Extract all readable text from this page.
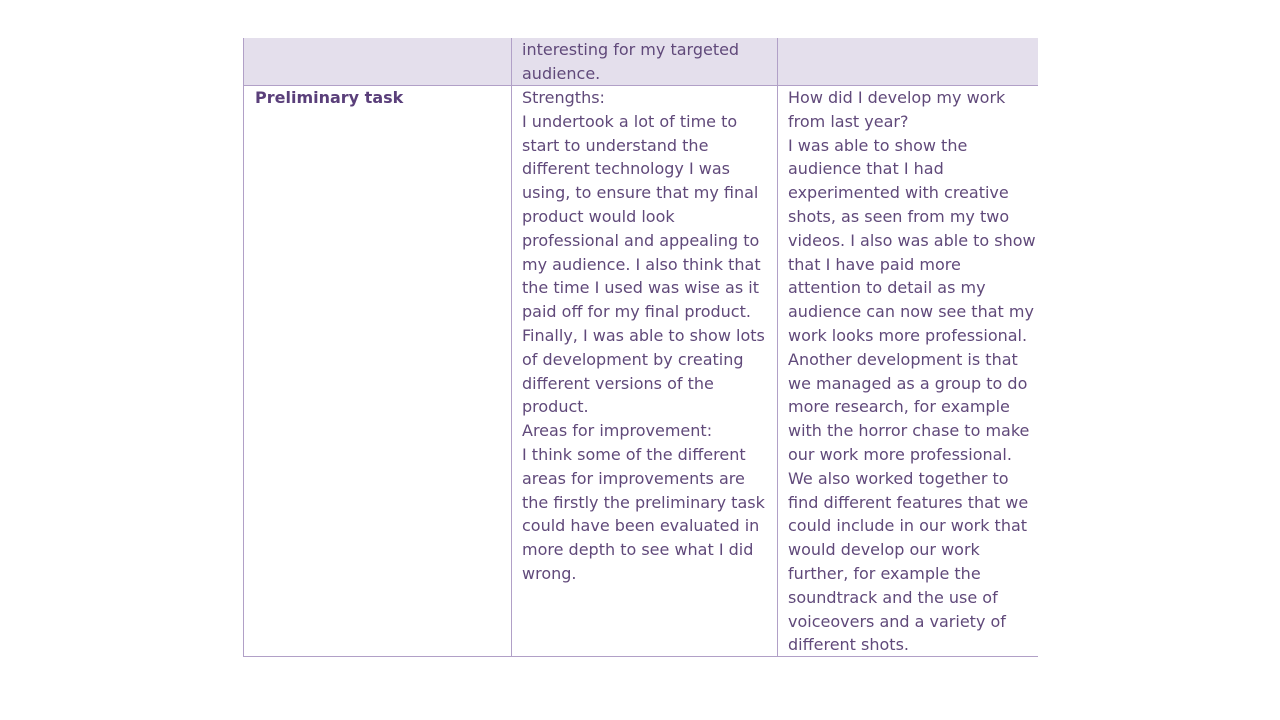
interesting for my targeted
audience.
Preliminary task	Strengths:
I undertook a lot of time to
start to understand the
different technology I was
using, to ensure that my final
product would look
professional and appealing to
my audience. I also think that
the time I used was wise as it
paid off for my final product.
Finally, I was able to show lots
of development by creating
different versions of the
product.
Areas for improvement:
I think some of the different
areas for improvements are
the firstly the preliminary task
could have been evaluated in
more depth to see what I did
wrong.
How did I develop my work
from last year?
I was able to show the
audience that I had
experimented with creative
shots, as seen from my two
videos. I also was able to show
that I have paid more
attention to detail as my
audience can now see that my
work looks more professional.
Another development is that
we managed as a group to do
more research, for example
with the horror chase to make
our work more professional.
We also worked together to
find different features that we
could include in our work that
would develop our work
further, for example the
soundtrack and the use of
voiceovers and a variety of
different shots.
